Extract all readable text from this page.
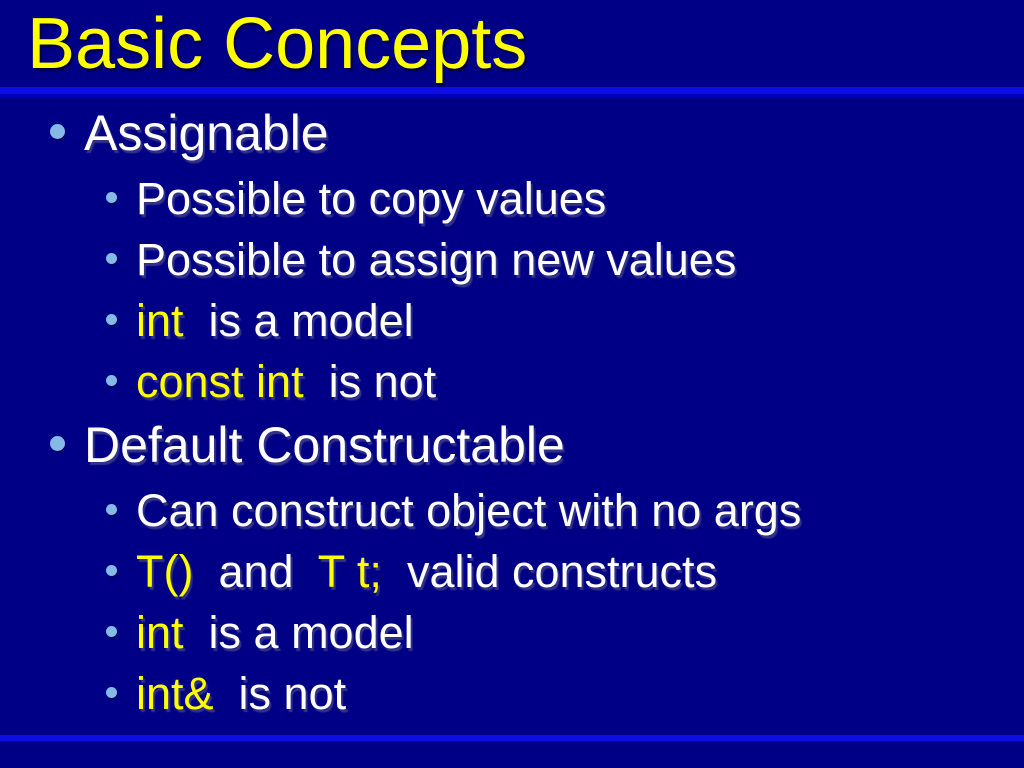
Basic Concepts
Assignable
Possible to copy values
Possible to assign new values
int  is a model
const int  is not
Default Constructable
Can construct object with no args
T()  and  T t;  valid constructs
int  is a model
int&  is not
